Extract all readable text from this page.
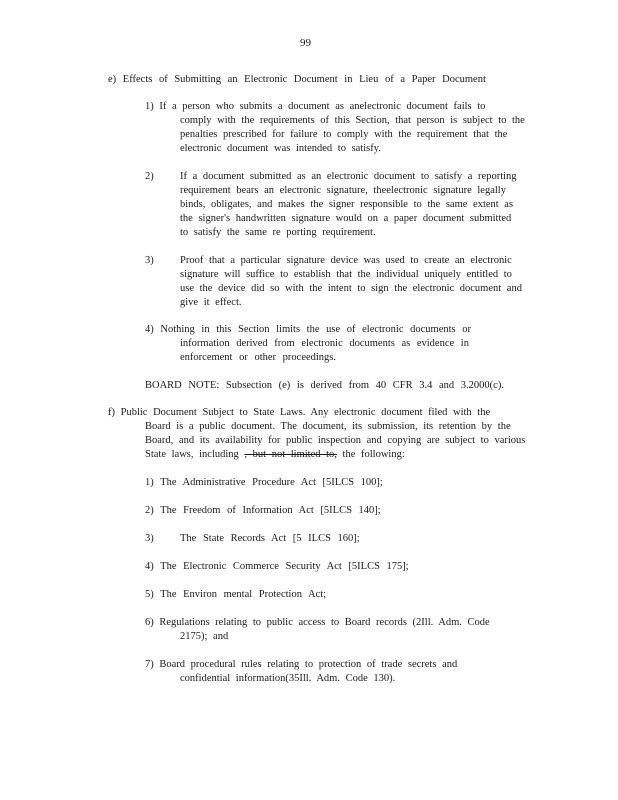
99
e) Effects of Submitting an Electronic Document in Lieu of a Paper Document
1) If a person who submits a document as anelectronic document fails to
comply with the requirements of this Section, that person is subject to the
penalties prescribed for failure to comply with the requirement that the
electronic document was intended to satisfy.
2)	If a document submitted as an electronic document to satisfy a reporting
requirement bears an electronic signature, theelectronic signature legally
binds, obligates, and makes the signer responsible to the same extent as
the signer's handwritten signature would on a paper document submitted
to satisfy the same re porting requirement.
3)	Proof that a particular signature device was used to create an electronic
signature will suffice to establish that the individual uniquely entitled to
use the device did so with the intent to sign the electronic document and
give it effect.
4) Nothing in this Section limits the use of electronic documents or
information derived from electronic documents as evidence in
enforcement or other proceedings.
BOARD NOTE: Subsection (e) is derived from 40 CFR 3.4 and 3.2000(c).
f) Public Document Subject to State Laws. Any electronic document filed with the
Board is a public document. The document, its submission, its retention by the
Board, and its availability for public inspection and copying are subject to various
State laws, including , but not limited to, the following:
1) The Administrative Procedure Act [5ILCS 100];
2) The Freedom of Information Act [5ILCS 140];
3)	The State Records Act [5 ILCS 160];
4) The Electronic Commerce Security Act [5ILCS 175];
5) The Environ mental Protection Act;
6) Regulations relating to public access to Board records (2Ill. Adm. Code
2175); and
7) Board procedural rules relating to protection of trade secrets and
confidential information(35Ill. Adm. Code 130).
